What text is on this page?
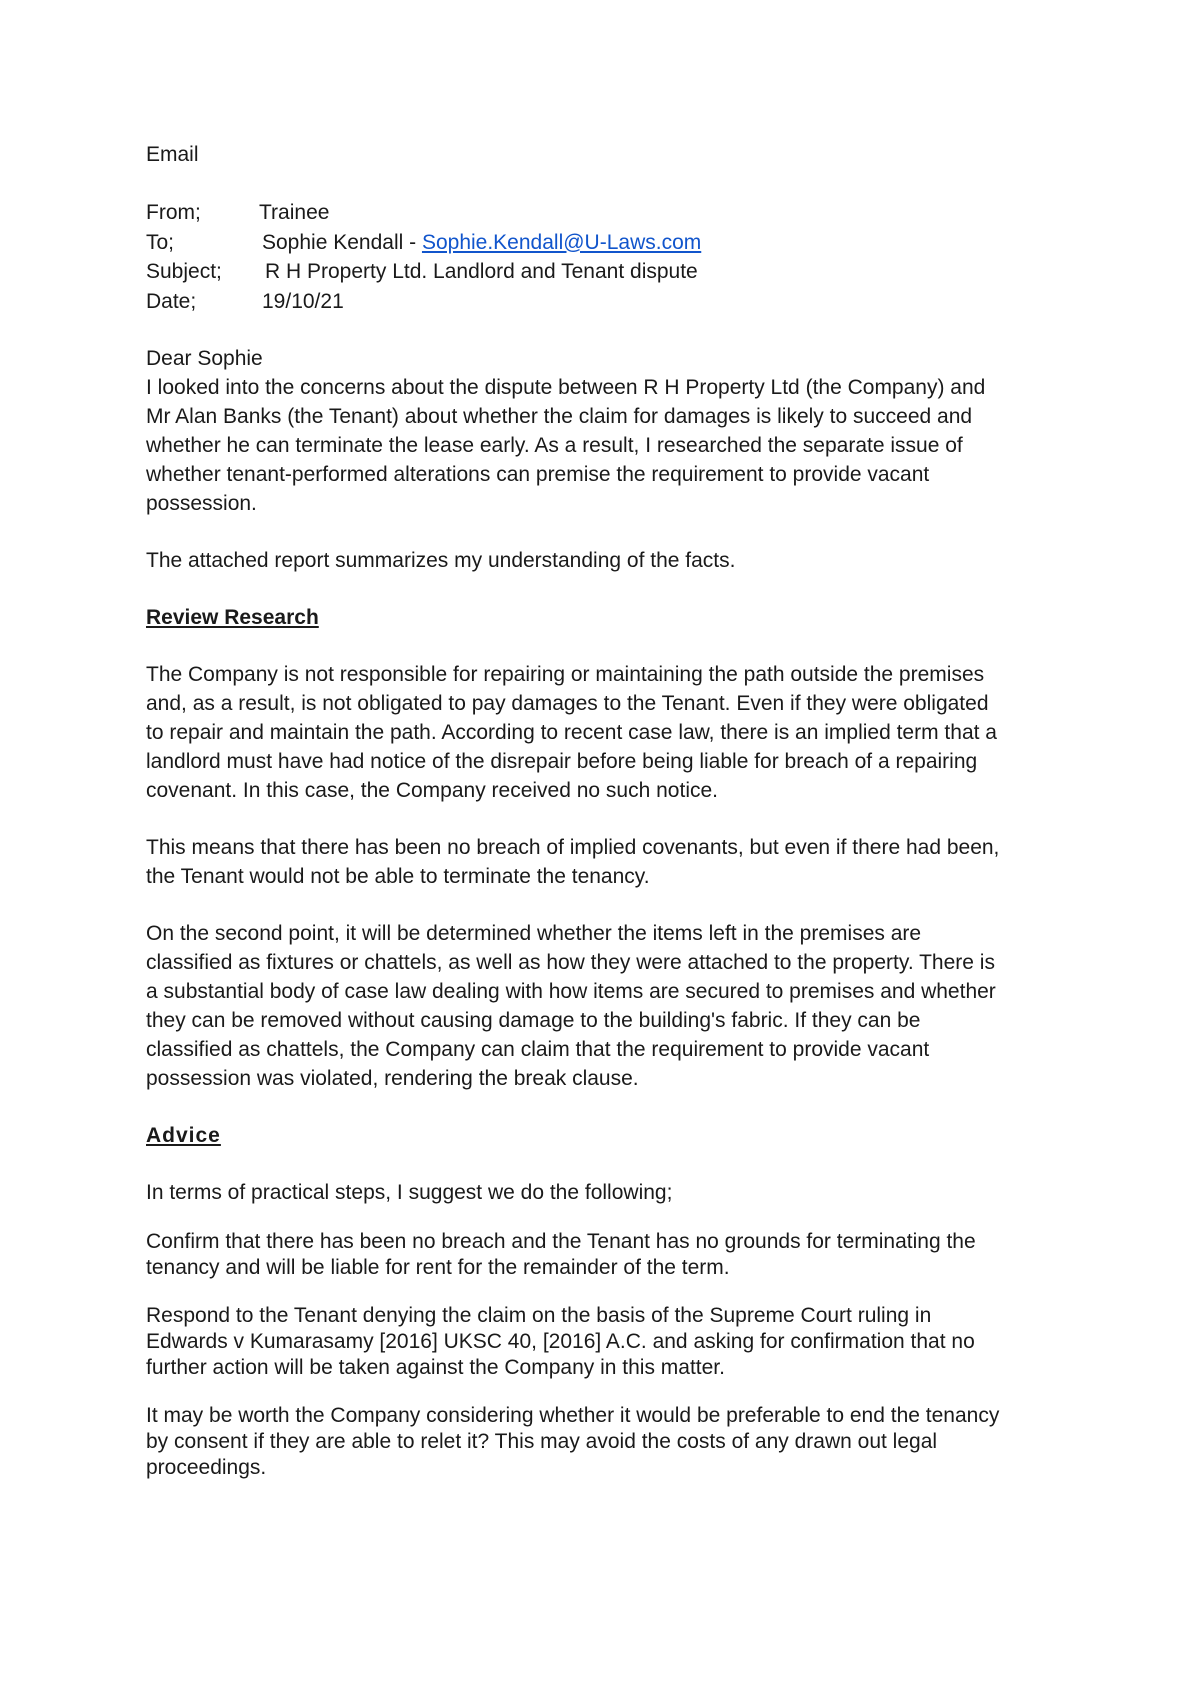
Email
From;	Trainee
To;	Sophie Kendall - Sophie.Kendall@U-Laws.com
Subject;	R H Property Ltd. Landlord and Tenant dispute
Date;	19/10/21
Dear Sophie
I looked into the concerns about the dispute between R H Property Ltd (the Company) and
Mr Alan Banks (the Tenant) about whether the claim for damages is likely to succeed and
whether he can terminate the lease early. As a result, I researched the separate issue of
whether tenant-performed alterations can premise the requirement to provide vacant
possession.
The attached report summarizes my understanding of the facts.
Review Research
The Company is not responsible for repairing or maintaining the path outside the premises
and, as a result, is not obligated to pay damages to the Tenant. Even if they were obligated
to repair and maintain the path. According to recent case law, there is an implied term that a
landlord must have had notice of the disrepair before being liable for breach of a repairing
covenant. In this case, the Company received no such notice.
This means that there has been no breach of implied covenants, but even if there had been,
the Tenant would not be able to terminate the tenancy.
On the second point, it will be determined whether the items left in the premises are
classified as fixtures or chattels, as well as how they were attached to the property. There is
a substantial body of case law dealing with how items are secured to premises and whether
they can be removed without causing damage to the building's fabric. If they can be
classified as chattels, the Company can claim that the requirement to provide vacant
possession was violated, rendering the break clause.
Advice
In terms of practical steps, I suggest we do the following;
Confirm that there has been no breach and the Tenant has no grounds for terminating the
tenancy and will be liable for rent for the remainder of the term.
Respond to the Tenant denying the claim on the basis of the Supreme Court ruling in
Edwards v Kumarasamy [2016] UKSC 40, [2016] A.C. and asking for confirmation that no
further action will be taken against the Company in this matter.
It may be worth the Company considering whether it would be preferable to end the tenancy
by consent if they are able to relet it? This may avoid the costs of any drawn out legal
proceedings.
